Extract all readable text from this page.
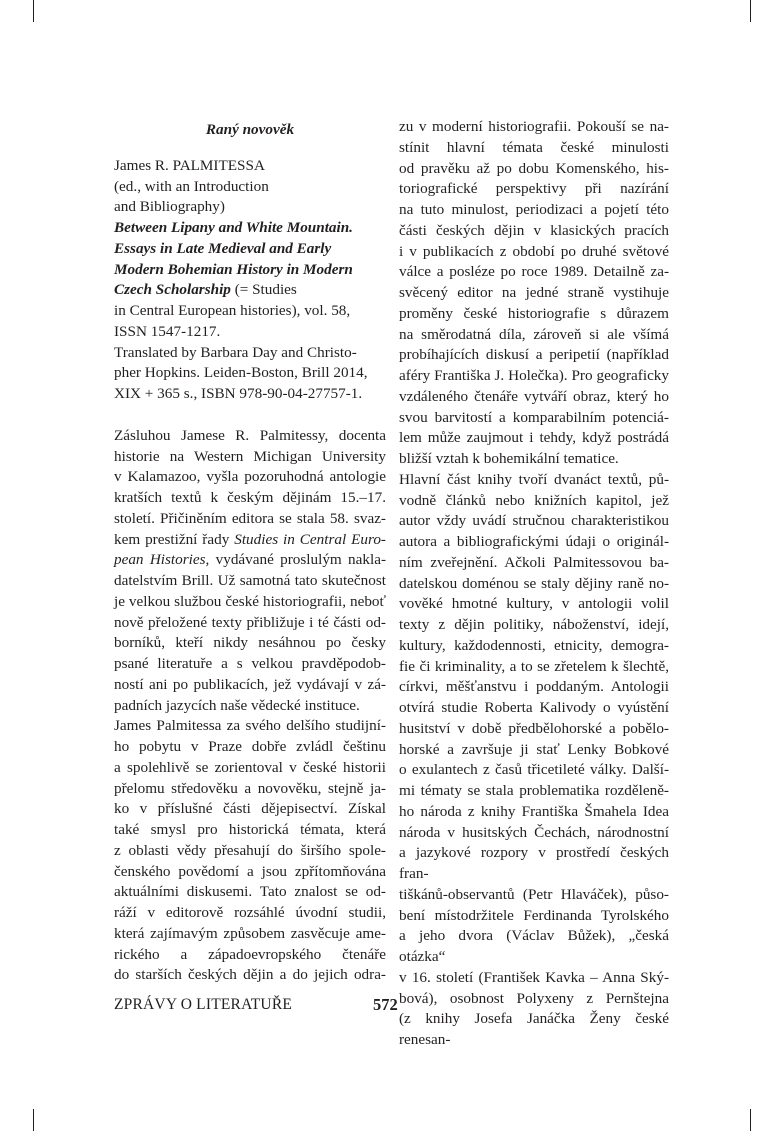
Raný novověk
James R. PALMITESSA
(ed., with an Introduction
and Bibliography)
Between Lipany and White Mountain.
Essays in Late Medieval and Early
Modern Bohemian History in Modern
Czech Scholarship (= Studies
in Central European histories), vol. 58,
ISSN 1547-1217.
Translated by Barbara Day and Christo-
pher Hopkins. Leiden-Boston, Brill 2014,
XIX + 365 s., ISBN 978-90-04-27757-1.
Zásluhou Jamese R. Palmitessy, docenta
historie na Western Michigan University
v Kalamazoo, vyšla pozoruhodná antologie
kratších textů k českým dějinám 15.–17.
století. Přičiněním editora se stala 58. svaz-
kem prestižní řady Studies in Central Euro-
pean Histories, vydávané proslulým nakla-
datelstvím Brill. Už samotná tato skutečnost
je velkou službou české historiografii, neboť
nově přeložené texty přibližuje i té části od-
borníků, kteří nikdy nesáhnou po česky
psané literatuře a s velkou pravděpodob-
ností ani po publikacích, jež vydávají v zá-
padních jazycích naše vědecké instituce.
James Palmitessa za svého delšího studijní-
ho pobytu v Praze dobře zvládl češtinu
a spolehlivě se zorientoval v české historii
přelomu středověku a novověku, stejně ja-
ko v příslušné části dějepisectví. Získal
také smysl pro historická témata, která
z oblasti vědy přesahují do širšího spole-
čenského povědomí a jsou zpřítomňována
aktuálními diskusemi. Tato znalost se od-
ráží v editorově rozsáhlé úvodní studii,
která zajímavým způsobem zasvěcuje ame-
rického a západoevropského čtenáře
do starších českých dějin a do jejich odra-
zu v moderní historiografii. Pokouší se na-
stínit hlavní témata české minulosti
od pravěku až po dobu Komenského, his-
toriografické perspektivy při nazírání
na tuto minulost, periodizaci a pojetí této
části českých dějin v klasických pracích
i v publikacích z období po druhé světové
válce a posléze po roce 1989. Detailně za-
svěcený editor na jedné straně vystihuje
proměny české historiografie s důrazem
na směrodatná díla, zároveň si ale všímá
probíhajících diskusí a peripetií (například
aféry Františka J. Holečka). Pro geograficky
vzdáleného čtenáře vytváří obraz, který ho
svou barvitostí a komparabilním potenciá-
lem může zaujmout i tehdy, když postrádá
bližší vztah k bohemikální tematice.
Hlavní část knihy tvoří dvanáct textů, pů-
vodně článků nebo knižních kapitol, jež
autor vždy uvádí stručnou charakteristikou
autora a bibliografickými údaji o originál-
ním zveřejnění. Ačkoli Palmitessovou ba-
datelskou doménou se staly dějiny raně no-
vověké hmotné kultury, v antologii volil
texty z dějin politiky, náboženství, idejí,
kultury, každodennosti, etnicity, demogra-
fie či kriminality, a to se zřetelem k šlechtě,
církvi, měšťanstvu i poddaným. Antologii
otvírá studie Roberta Kalivody o vyústění
husitství v době předbělohorské a pobělo-
horské a završuje ji stať Lenky Bobkové
o exulantech z časů třicetileté války. Další-
mi tématy se stala problematika rozděleně-
ho národa z knihy Františka Šmahela Idea
národa v husitských Čechách, národnostní
a jazykové rozpory v prostředí českých fran-
tiškánů-observantů (Petr Hlaváček), půso-
bení místodržitele Ferdinanda Tyrolského
a jeho dvora (Václav Bůžek), „česká otázka“
v 16. století (František Kavka – Anna Ský-
bová), osobnost Polyxeny z Pernštejna
(z knihy Josefa Janáčka Ženy české renesan-
ZPRÁVY O LITERATUŘE	572
